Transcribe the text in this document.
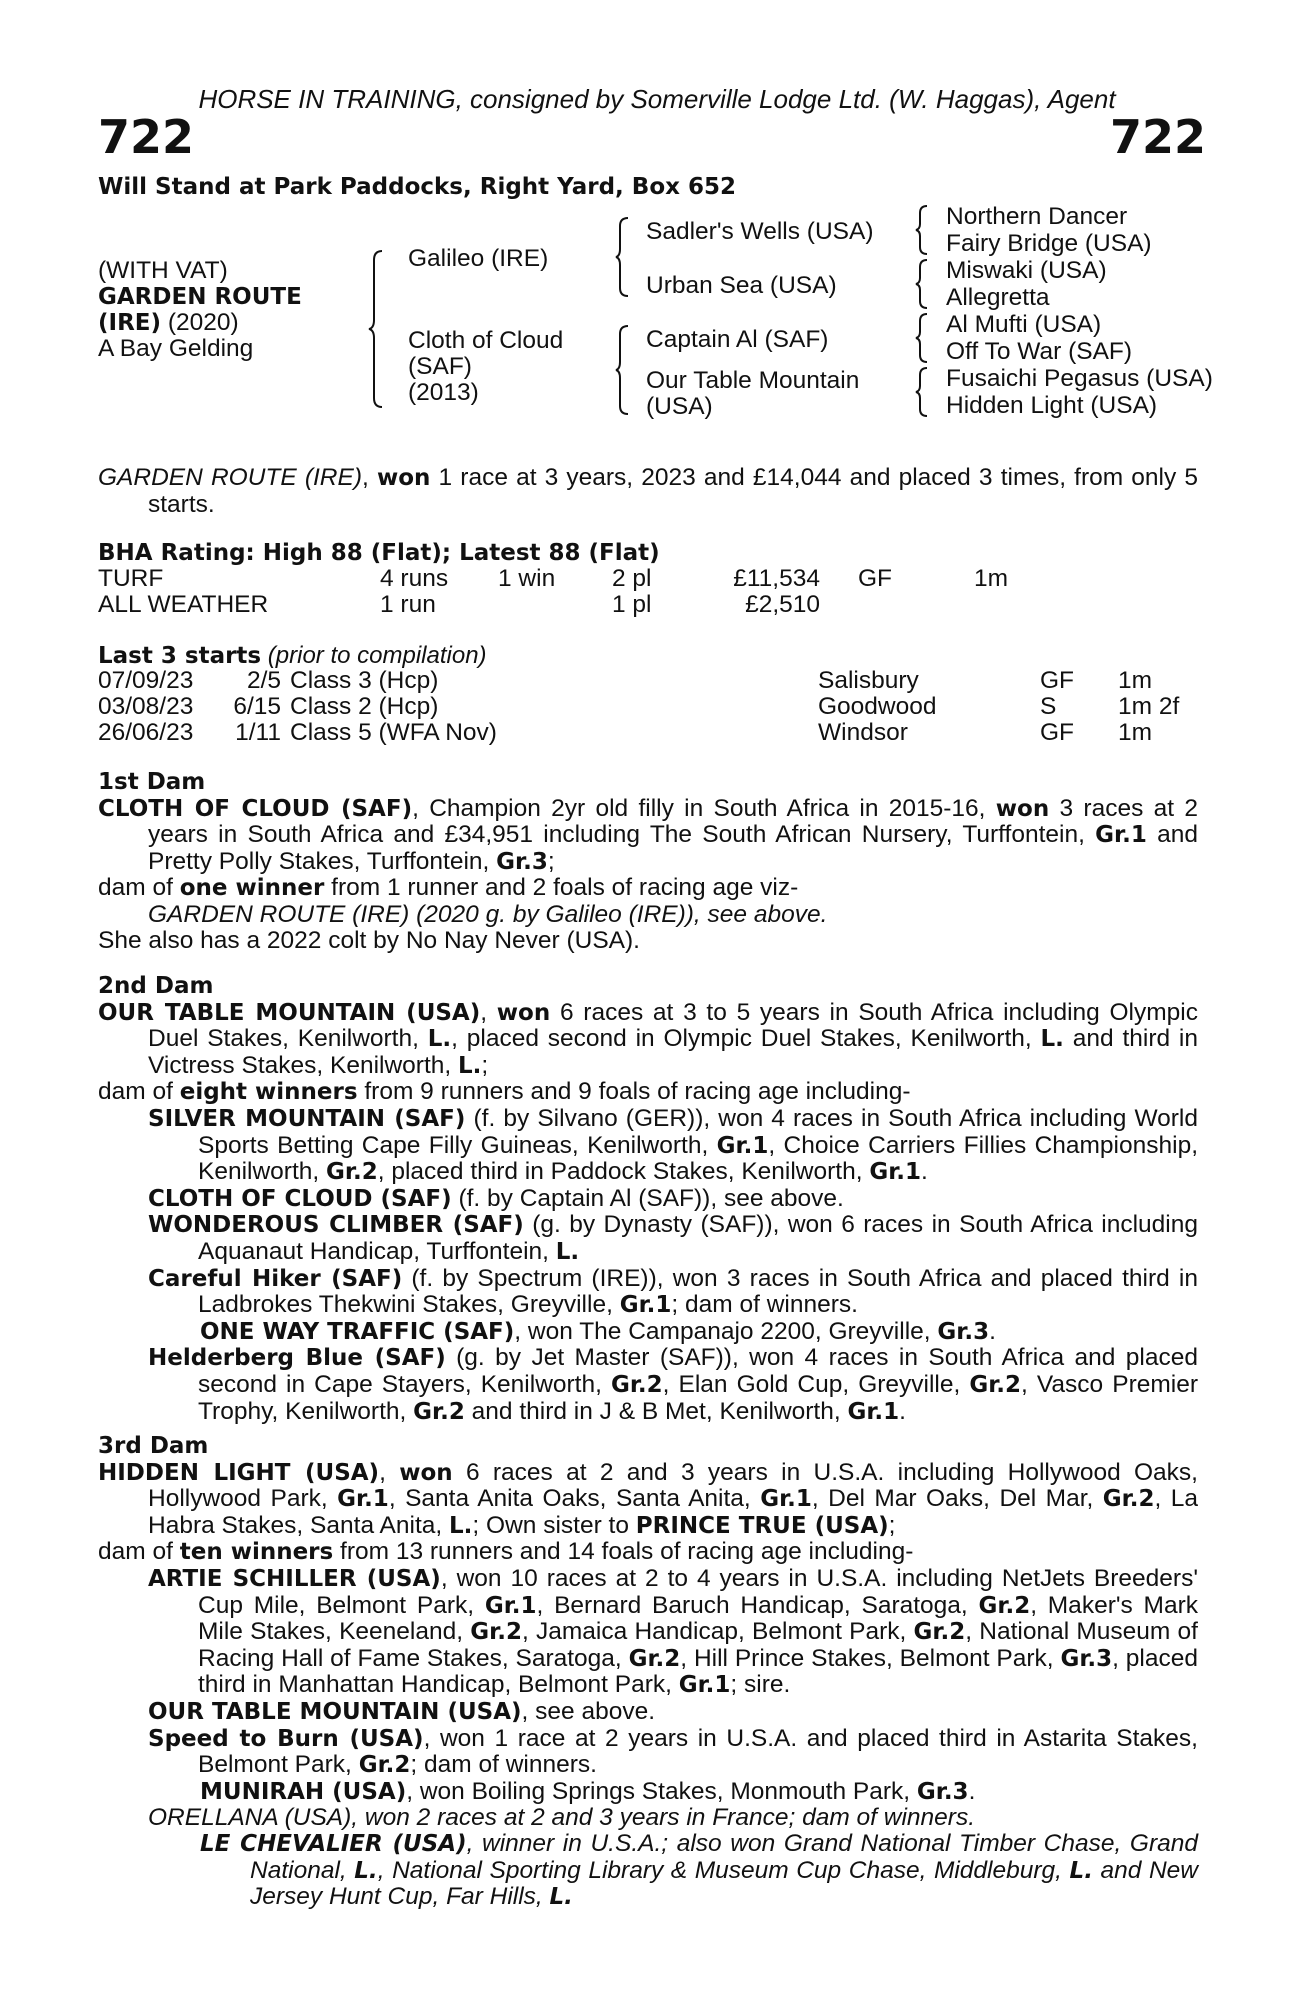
HORSE IN TRAINING, consigned by Somerville Lodge Ltd. (W. Haggas), Agent
722	722
Will Stand at Park Paddocks, Right Yard, Box 652
(WITH VAT)
GARDEN ROUTE
(IRE) (2020)
A Bay Gelding
Galileo (IRE)
Cloth of Cloud
(SAF)
(2013)
Sadler's Wells (USA)
Urban Sea (USA)
Captain Al (SAF)
Our Table Mountain
(USA)
Northern Dancer
Fairy Bridge (USA)
Miswaki (USA)
Allegretta
Al Mufti (USA)
Off To War (SAF)
Fusaichi Pegasus (USA)
Hidden Light (USA)

GARDEN ROUTE (IRE), won 1 race at 3 years, 2023 and £14,044 and placed 3 times, from only 5 starts.

BHA Rating: High 88 (Flat); Latest 88 (Flat)
TURF	4 runs 1 win 2 pl	£11,534 GF	1m
ALL WEATHER	1 run	1 pl	£2,510
Last 3 starts (prior to compilation)
07/09/23 2/5 Class 3 (Hcp)	Salisbury	GF 1m
03/08/23 6/15 Class 2 (Hcp)	Goodwood	S	1m 2f
26/06/23 1/11 Class 5 (WFA Nov)	Windsor	GF 1m

1st Dam

CLOTH OF CLOUD (SAF), Champion 2yr old filly in South Africa in 2015-16, won 3 races at 2 years in South Africa and £34,951 including The South African Nursery, Turffontein, Gr.1 and Pretty Polly Stakes, Turffontein, Gr.3;

dam of one winner from 1 runner and 2 foals of racing age viz-

GARDEN ROUTE (IRE) (2020 g. by Galileo (IRE)), see above.

She also has a 2022 colt by No Nay Never (USA).

2nd Dam

OUR TABLE MOUNTAIN (USA), won 6 races at 3 to 5 years in South Africa including Olympic Duel Stakes, Kenilworth, L., placed second in Olympic Duel Stakes, Kenilworth, L. and third in Victress Stakes, Kenilworth, L.;

dam of eight winners from 9 runners and 9 foals of racing age including-

SILVER MOUNTAIN (SAF) (f. by Silvano (GER)), won 4 races in South Africa including World Sports Betting Cape Filly Guineas, Kenilworth, Gr.1, Choice Carriers Fillies Championship, Kenilworth, Gr.2, placed third in Paddock Stakes, Kenilworth, Gr.1.

CLOTH OF CLOUD (SAF) (f. by Captain Al (SAF)), see above.

WONDEROUS CLIMBER (SAF) (g. by Dynasty (SAF)), won 6 races in South Africa including Aquanaut Handicap, Turffontein, L.

Careful Hiker (SAF) (f. by Spectrum (IRE)), won 3 races in South Africa and placed third in Ladbrokes Thekwini Stakes, Greyville, Gr.1; dam of winners.

ONE WAY TRAFFIC (SAF), won The Campanajo 2200, Greyville, Gr.3.

Helderberg Blue (SAF) (g. by Jet Master (SAF)), won 4 races in South Africa and placed second in Cape Stayers, Kenilworth, Gr.2, Elan Gold Cup, Greyville, Gr.2, Vasco Premier Trophy, Kenilworth, Gr.2 and third in J & B Met, Kenilworth, Gr.1.

3rd Dam

HIDDEN LIGHT (USA), won 6 races at 2 and 3 years in U.S.A. including Hollywood Oaks, Hollywood Park, Gr.1, Santa Anita Oaks, Santa Anita, Gr.1, Del Mar Oaks, Del Mar, Gr.2, La Habra Stakes, Santa Anita, L.; Own sister to PRINCE TRUE (USA);

dam of ten winners from 13 runners and 14 foals of racing age including-

ARTIE SCHILLER (USA), won 10 races at 2 to 4 years in U.S.A. including NetJets Breeders' Cup Mile, Belmont Park, Gr.1, Bernard Baruch Handicap, Saratoga, Gr.2, Maker's Mark Mile Stakes, Keeneland, Gr.2, Jamaica Handicap, Belmont Park, Gr.2, National Museum of Racing Hall of Fame Stakes, Saratoga, Gr.2, Hill Prince Stakes, Belmont Park, Gr.3, placed third in Manhattan Handicap, Belmont Park, Gr.1; sire.

OUR TABLE MOUNTAIN (USA), see above.

Speed to Burn (USA), won 1 race at 2 years in U.S.A. and placed third in Astarita Stakes, Belmont Park, Gr.2; dam of winners.

MUNIRAH (USA), won Boiling Springs Stakes, Monmouth Park, Gr.3.

ORELLANA (USA), won 2 races at 2 and 3 years in France; dam of winners.

LE CHEVALIER (USA), winner in U.S.A.; also won Grand National Timber Chase, Grand National, L., National Sporting Library & Museum Cup Chase, Middleburg, L. and New Jersey Hunt Cup, Far Hills, L.
